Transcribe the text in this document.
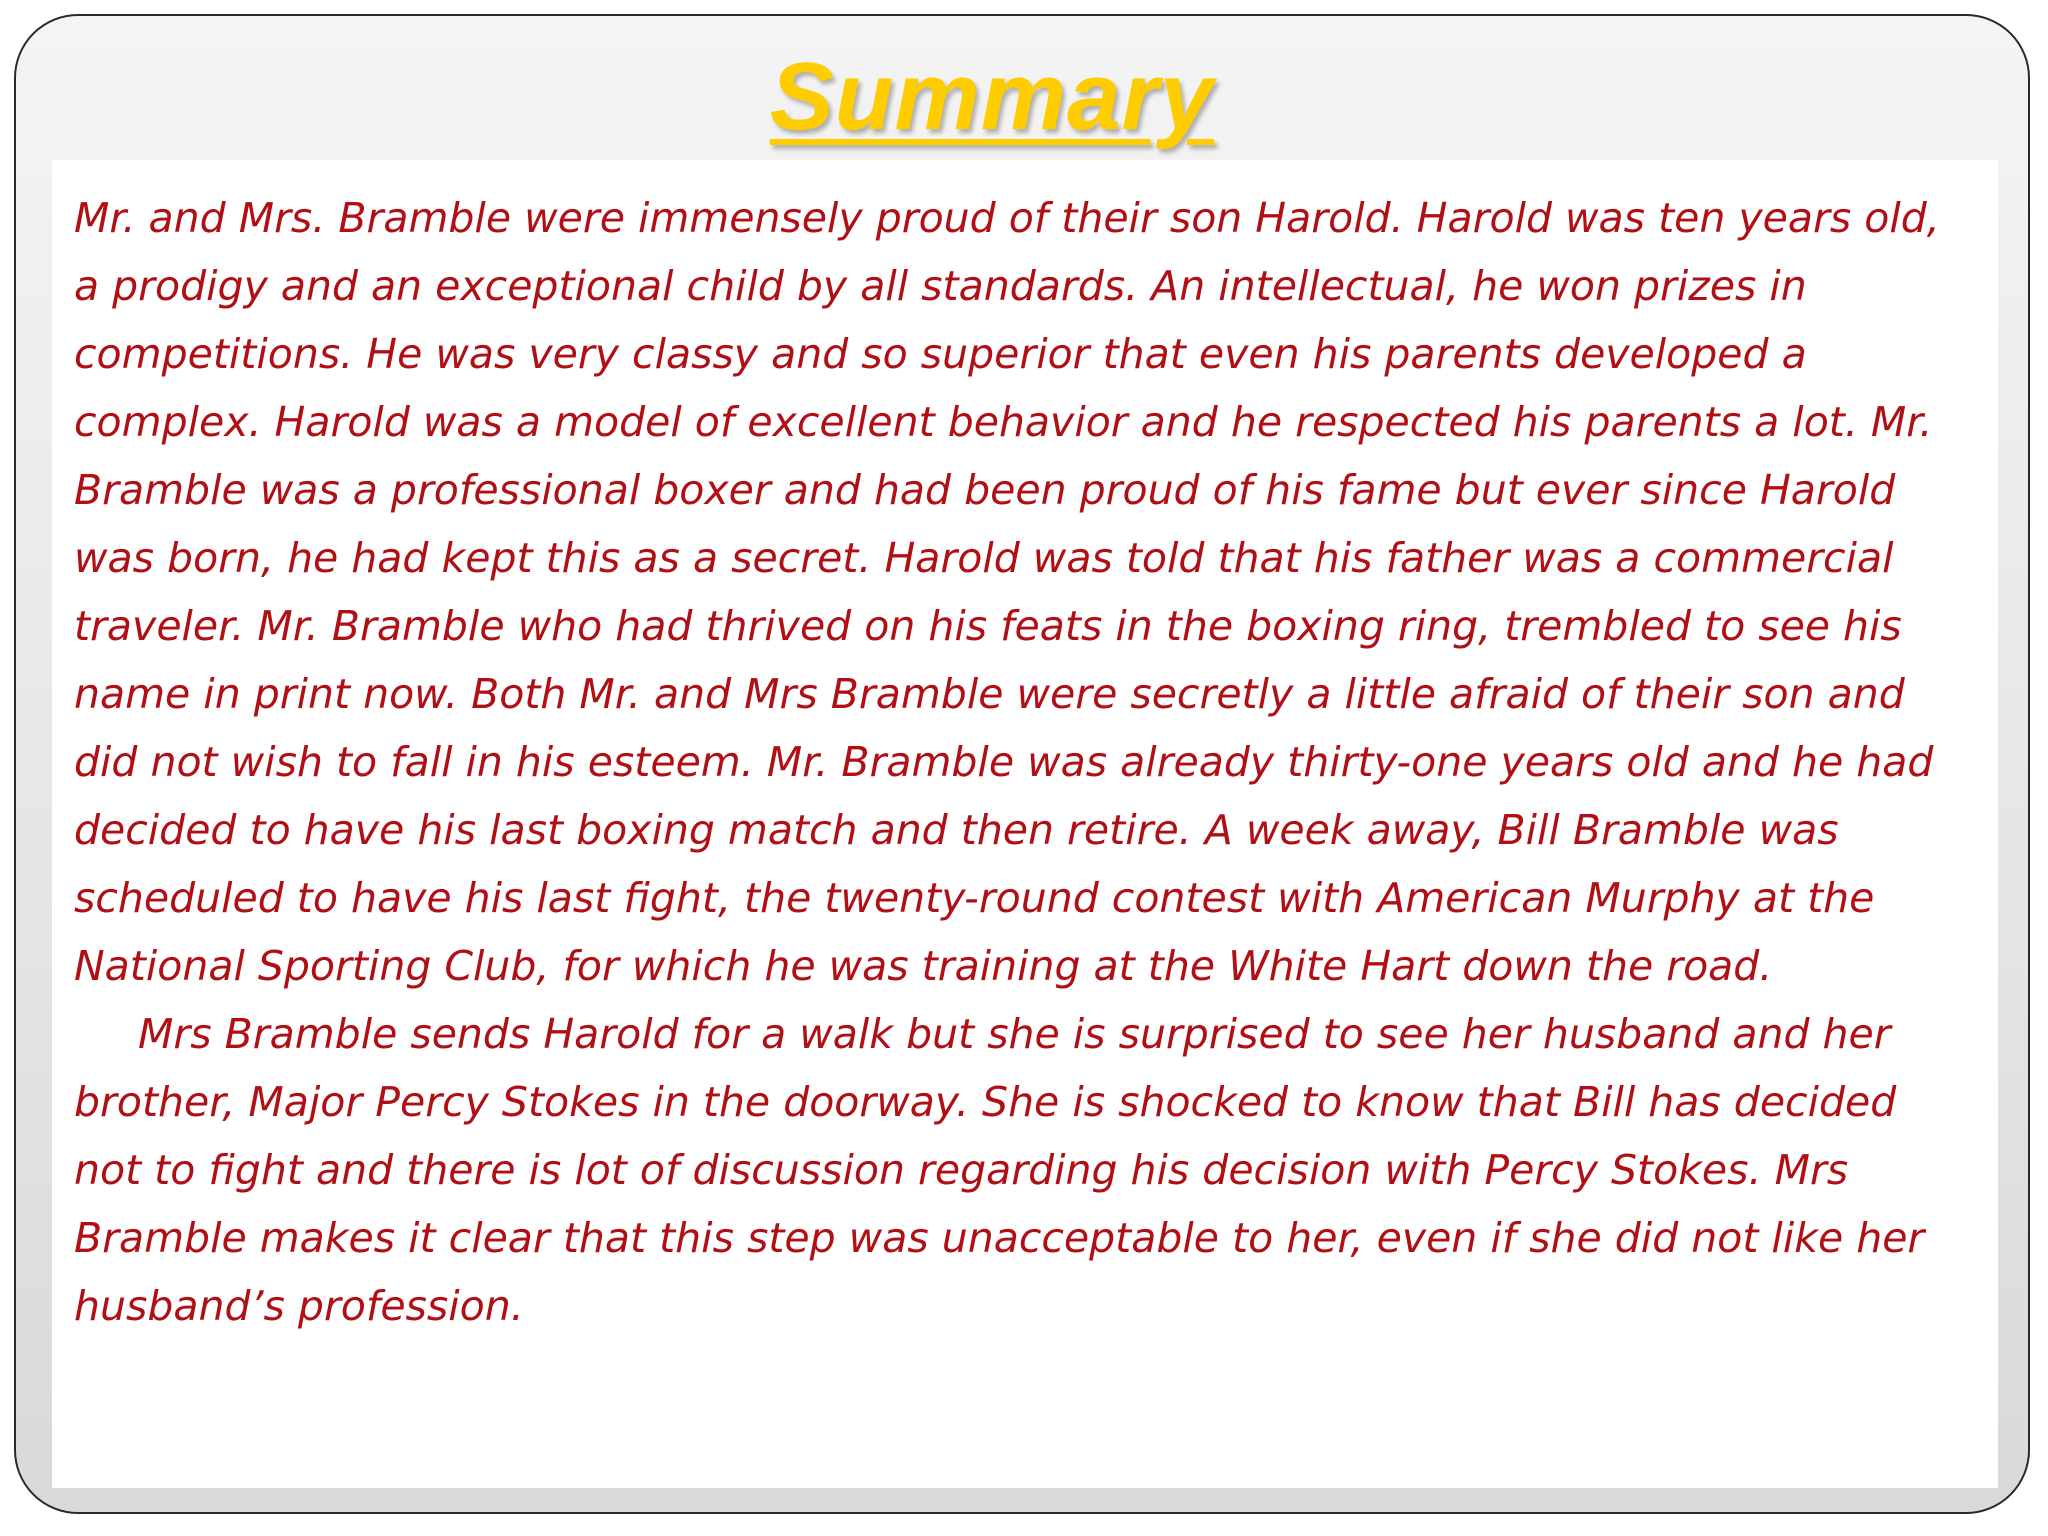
Summary

Mr. and Mrs. Bramble were immensely proud of their son Harold. Harold was ten years old, a prodigy and an exceptional child by all standards. An intellectual, he won prizes in competitions. He was very classy and so superior that even his parents developed a complex. Harold was a model of excellent behavior and he respected his parents a lot. Mr. Bramble was a professional boxer and had been proud of his fame but ever since Harold was born, he had kept this as a secret. Harold was told that his father was a commercial traveler. Mr. Bramble who had thrived on his feats in the boxing ring, trembled to see his name in print now. Both Mr. and Mrs Bramble were secretly a little afraid of their son and did not wish to fall in his esteem. Mr. Bramble was already thirty-one years old and he had decided to have his last boxing match and then retire. A week away, Bill Bramble was scheduled to have his last fight, the twenty-round contest with American Murphy at the National Sporting Club, for which he was training at the White Hart down the road.

Mrs Bramble sends Harold for a walk but she is surprised to see her husband and her brother, Major Percy Stokes in the doorway. She is shocked to know that Bill has decided not to fight and there is lot of discussion regarding his decision with Percy Stokes. Mrs Bramble makes it clear that this step was unacceptable to her, even if she did not like her husband’s profession.
